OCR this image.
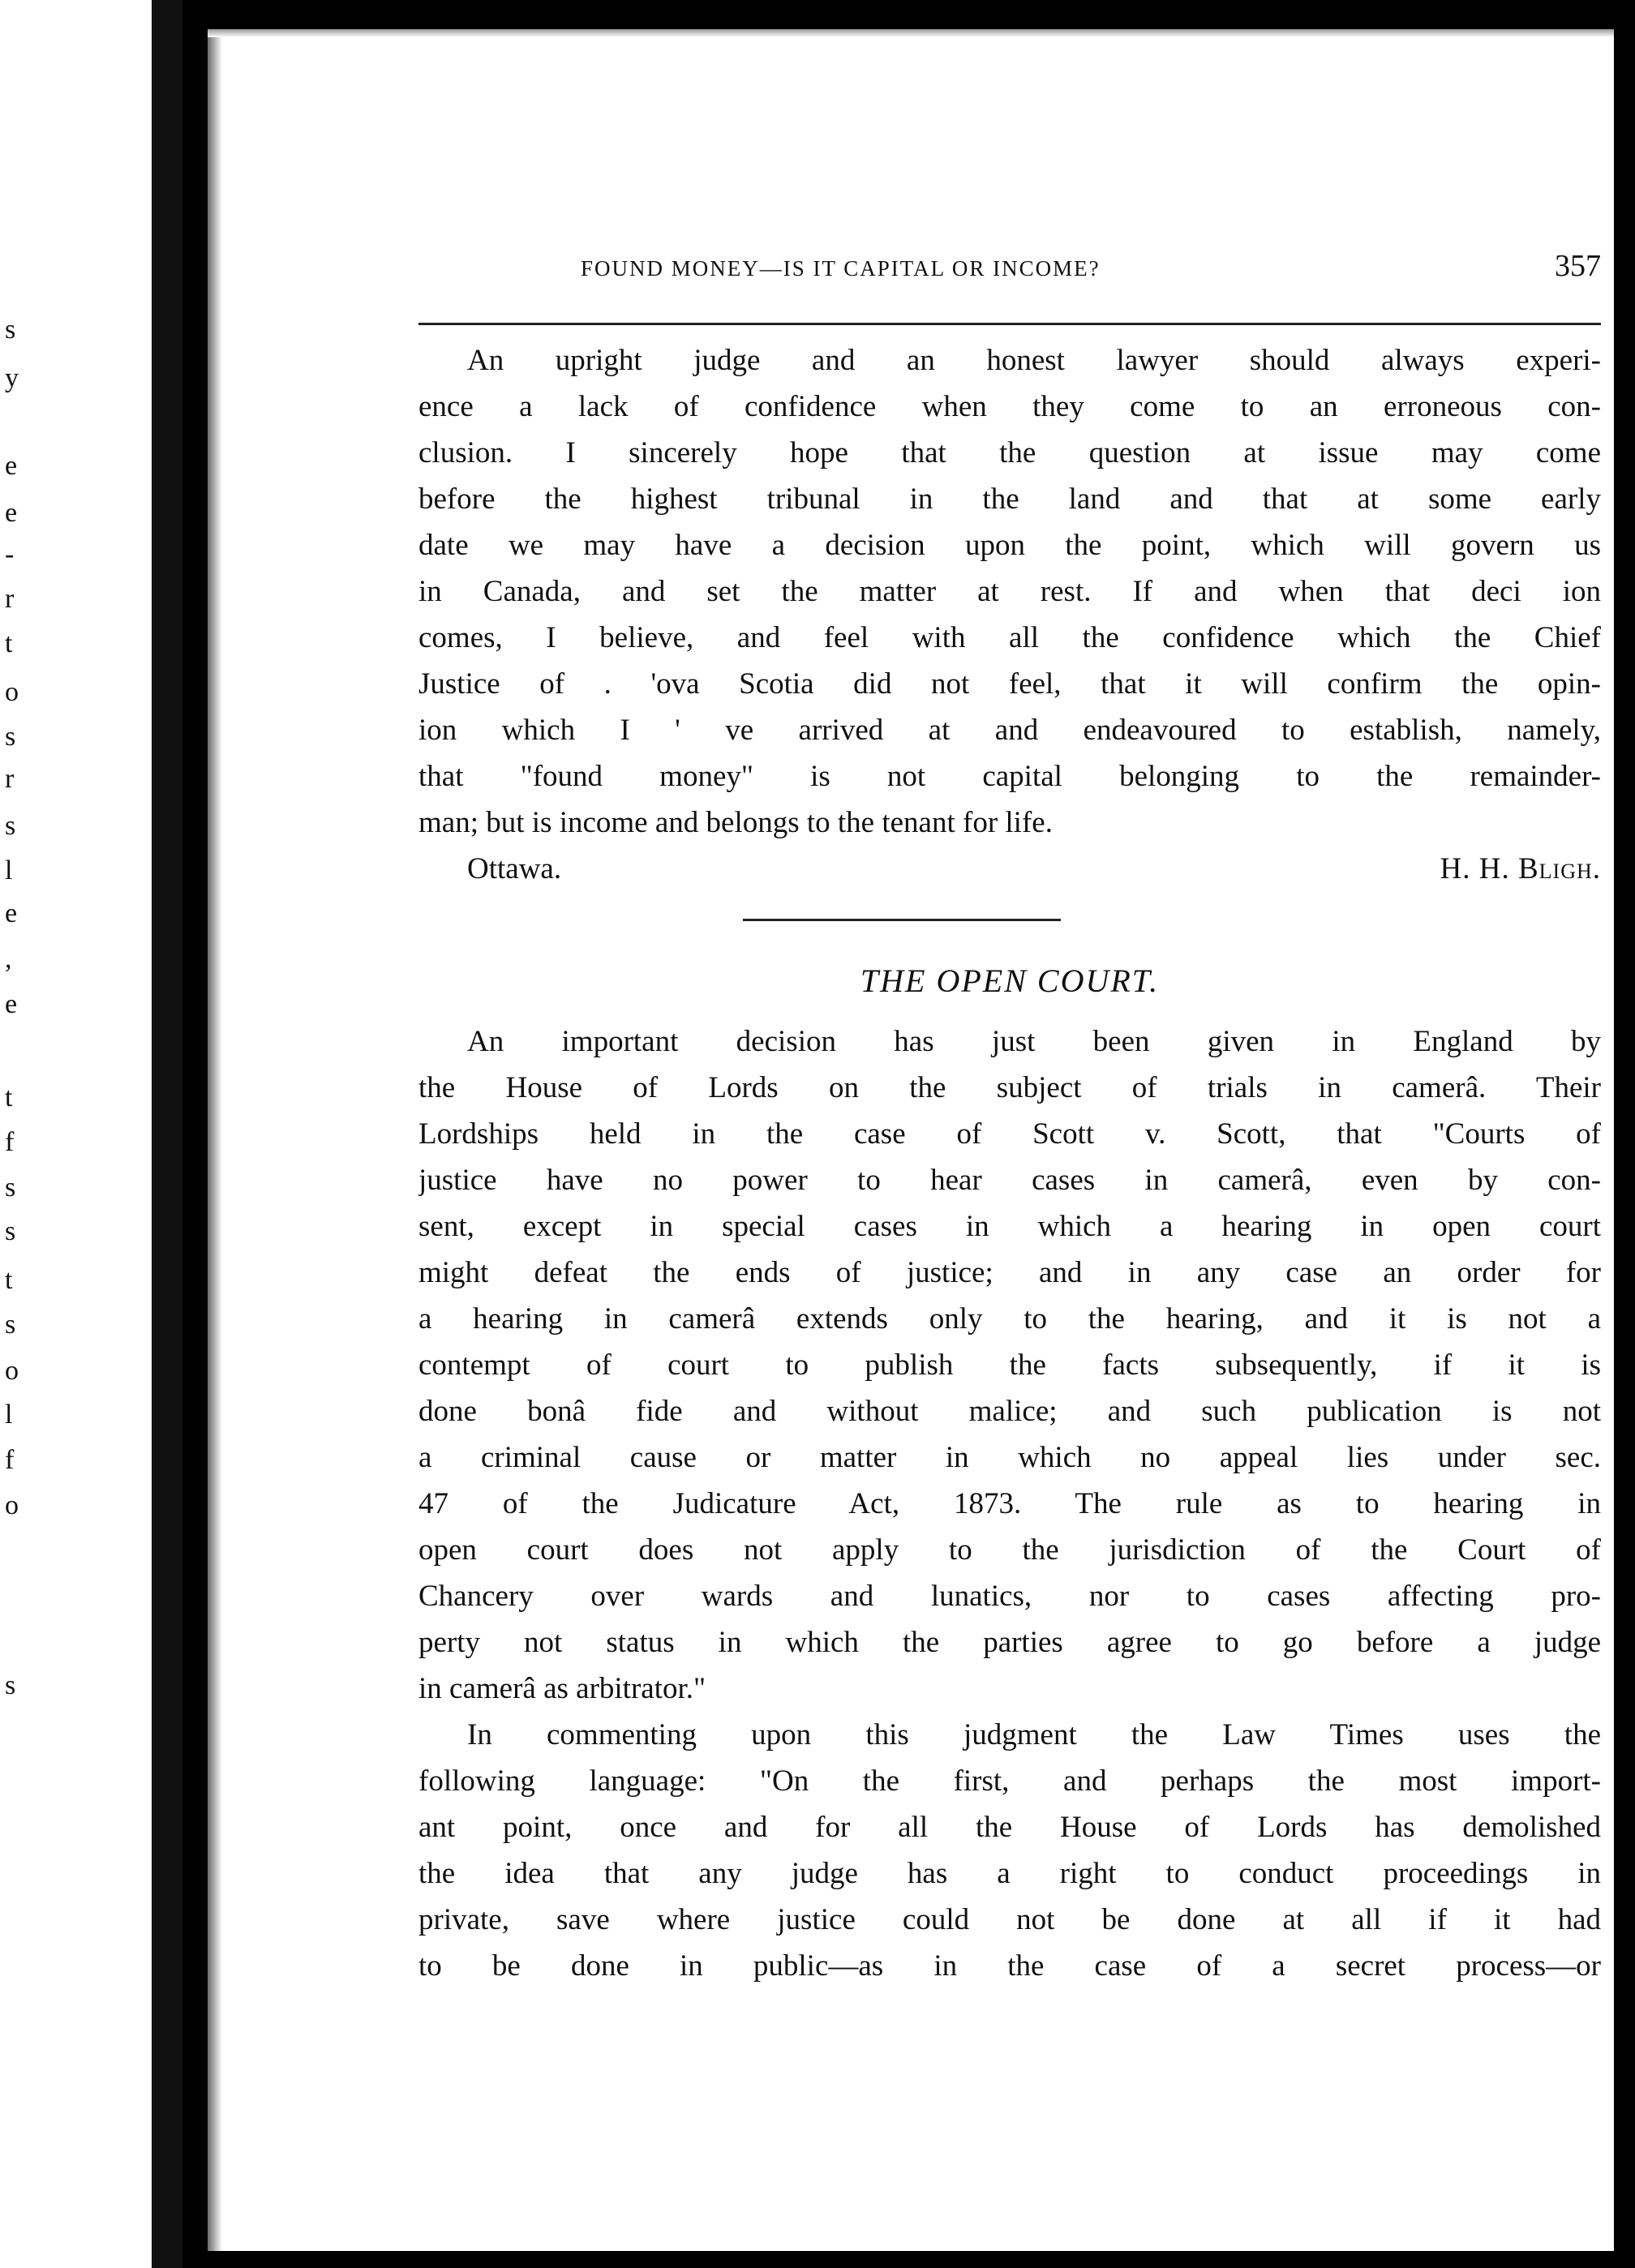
s
y
e
e
-
r
t
o
s
r
s
l
e
,
e
t
f
s
s
t
s
o
l
f
o
s
FOUND MONEY—IS IT CAPITAL OR INCOME?	357
An upright judge and an honest lawyer should always experi-
ence a lack of confidence when they come to an erroneous con-
clusion. I sincerely hope that the question at issue may come
before the highest tribunal in the land and that at some early
date we may have a decision upon the point, which will govern us
in Canada, and set the matter at rest. If and when that deci ion
comes, I believe, and feel with all the confidence which the Chief
Justice of . 'ova Scotia did not feel, that it will confirm the opin-
ion which I ' ve arrived at and endeavoured to establish, namely,
that "found money" is not capital belonging to the remainder-
man; but is income and belongs to the tenant for life.
Ottawa.	H. H. Bligh.
THE OPEN COURT.
An important decision has just been given in England by
the House of Lords on the subject of trials in camerâ. Their
Lordships held in the case of Scott v. Scott, that "Courts of
justice have no power to hear cases in camerâ, even by con-
sent, except in special cases in which a hearing in open court
might defeat the ends of justice; and in any case an order for
a hearing in camerâ extends only to the hearing, and it is not a
contempt of court to publish the facts subsequently, if it is
done bonâ fide and without malice; and such publication is not
a criminal cause or matter in which no appeal lies under sec.
47 of the Judicature Act, 1873. The rule as to hearing in
open court does not apply to the jurisdiction of the Court of
Chancery over wards and lunatics, nor to cases affecting pro-
perty not status in which the parties agree to go before a judge
in camerâ as arbitrator."
In commenting upon this judgment the Law Times uses the
following language: "On the first, and perhaps the most import-
ant point, once and for all the House of Lords has demolished
the idea that any judge has a right to conduct proceedings in
private, save where justice could not be done at all if it had
to be done in public—as in the case of a secret process—or
